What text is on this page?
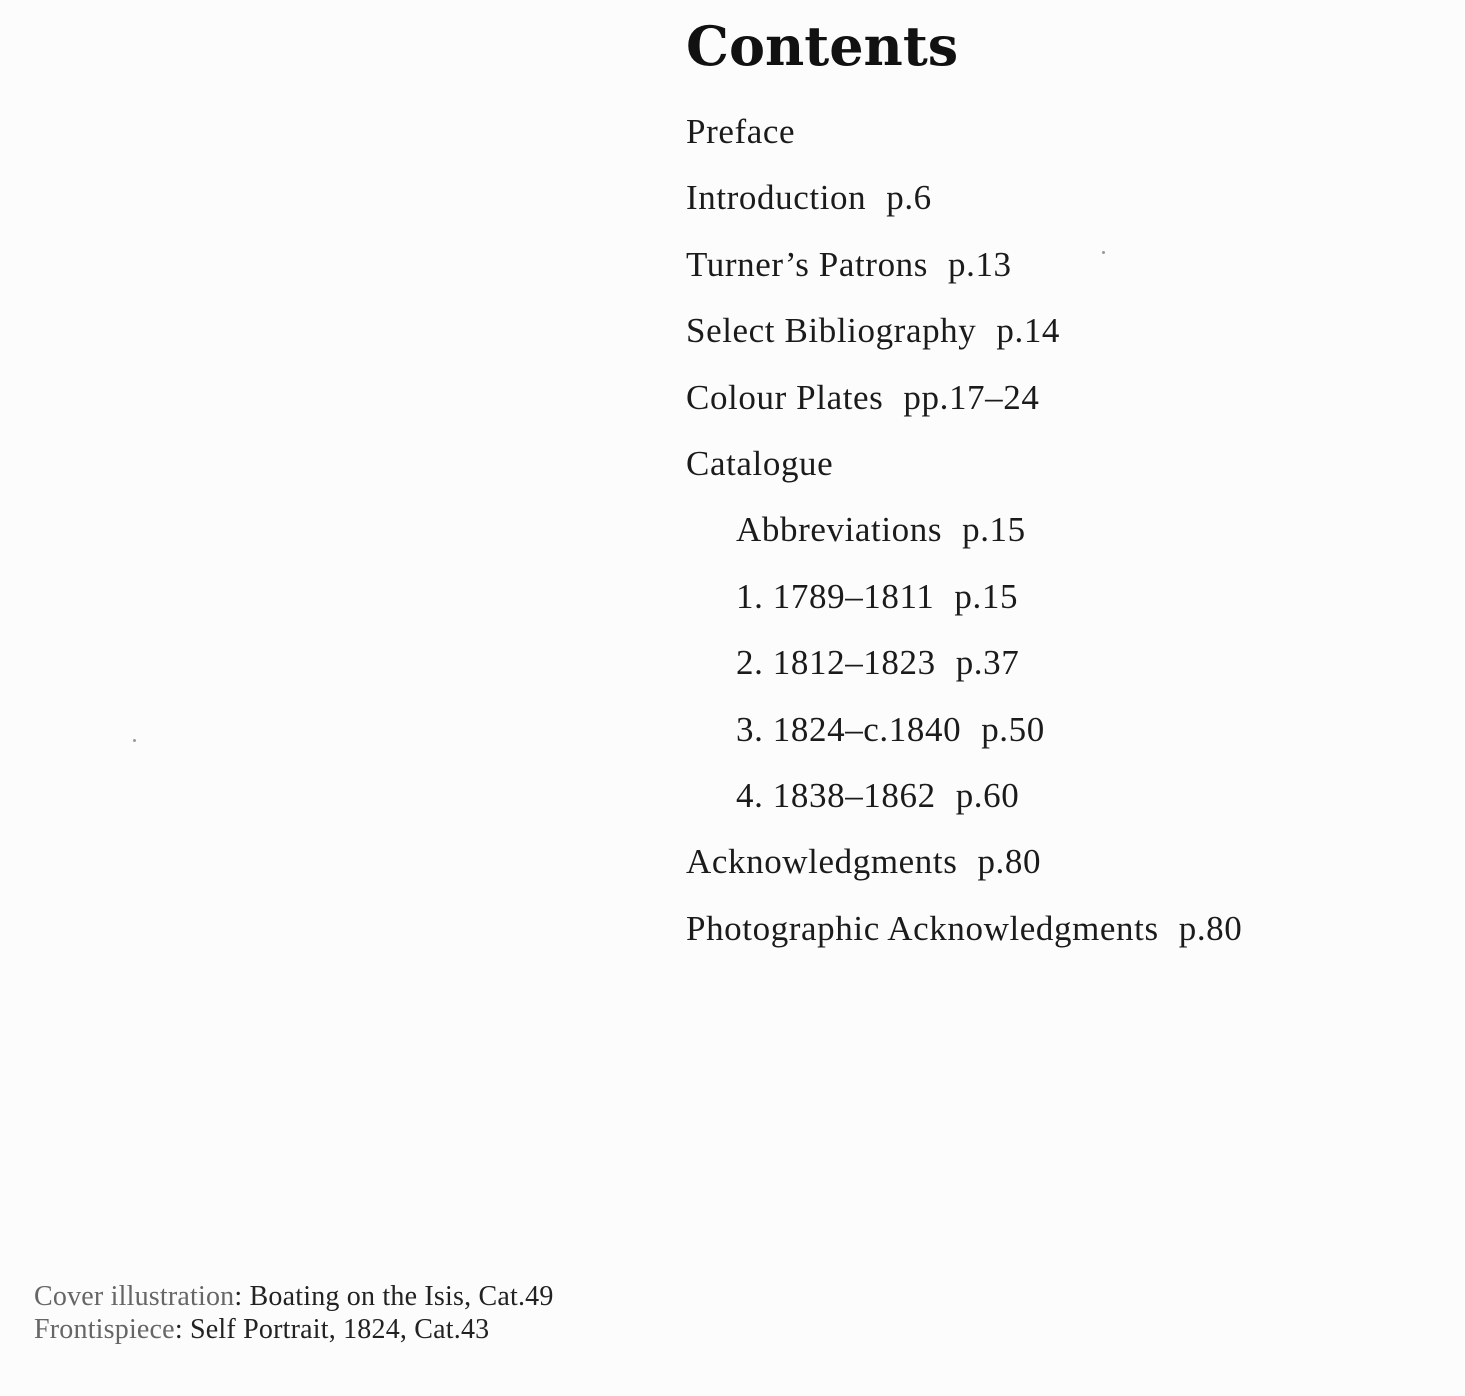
Contents
Preface
Introduction p.6
Turner’s Patrons p.13
Select Bibliography p.14
Colour Plates pp.17–24
Catalogue
Abbreviations p.15
1. 1789–1811 p.15
2. 1812–1823 p.37
3. 1824–c.1840 p.50
4. 1838–1862 p.60
Acknowledgments p.80
Photographic Acknowledgments p.80
Cover illustration: Boating on the Isis, Cat.49
Frontispiece: Self Portrait, 1824, Cat.43
